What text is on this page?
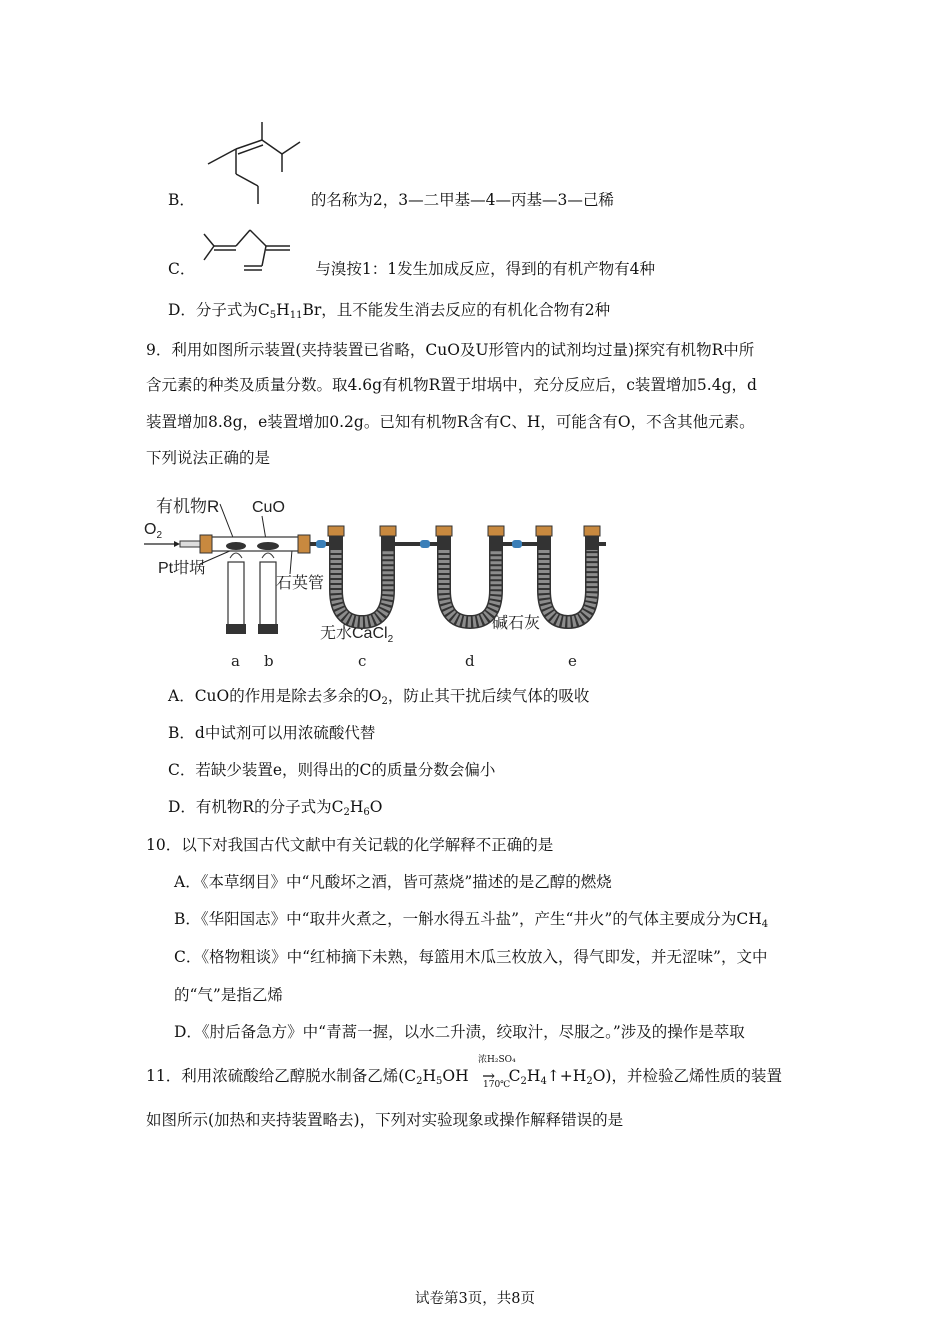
B．	的名称为2，3—二甲基—4—丙基—3—己稀
C．	与溴按1：1发生加成反应，得到的有机产物有4种
D．分子式为$C_5H_{11}Br$，且不能发生消去反应的有机化合物有2种
9．利用如图所示装置(夹持装置已省略，CuO及U形管内的试剂均过量)探究有机物R中所
含元素的种类及质量分数。取4.6g有机物R置于坩埚中，充分反应后，c装置增加5.4g，d
装置增加8.8g，e装置增加0.2g。已知有机物R含有C、H，可能含有O，不含其他元素。
下列说法正确的是
有机物R CuO
$O_2$
Pt坩埚
石英管
无水CaCl$_2$
碱石灰
a b	c	d	e
A．CuO的作用是除去多余的$O_2$，防止其干扰后续气体的吸收
B．d中试剂可以用浓硫酸代替
C．若缺少装置e，则得出的C的质量分数会偏小
D．有机物R的分子式为$C_2H_6O$
10．以下对我国古代文献中有关记载的化学解释不正确的是
A．《本草纲目》中“凡酸坏之酒，皆可蒸烧”描述的是乙醇的燃烧
B．《华阳国志》中“取井火煮之，一斛水得五斗盐”，产生“井火”的气体主要成分为$CH_4$
C．《格物粗谈》中“红柿摘下未熟，每篮用木瓜三枚放入，得气即发，并无涩味”，文中
的“气”是指乙烯
D．《肘后备急方》中“青蒿一握，以水二升渍，绞取汁，尽服之。”涉及的操作是萃取
浓H₂SO₄
170℃
11．利用浓硫酸给乙醇脱水制备乙烯($C_2H_5OH$ → $C_2H_4↑+H_2O$)，并检验乙烯性质的装置
如图所示(加热和夹持装置略去)，下列对实验现象或操作解释错误的是
试卷第3页，共8页
